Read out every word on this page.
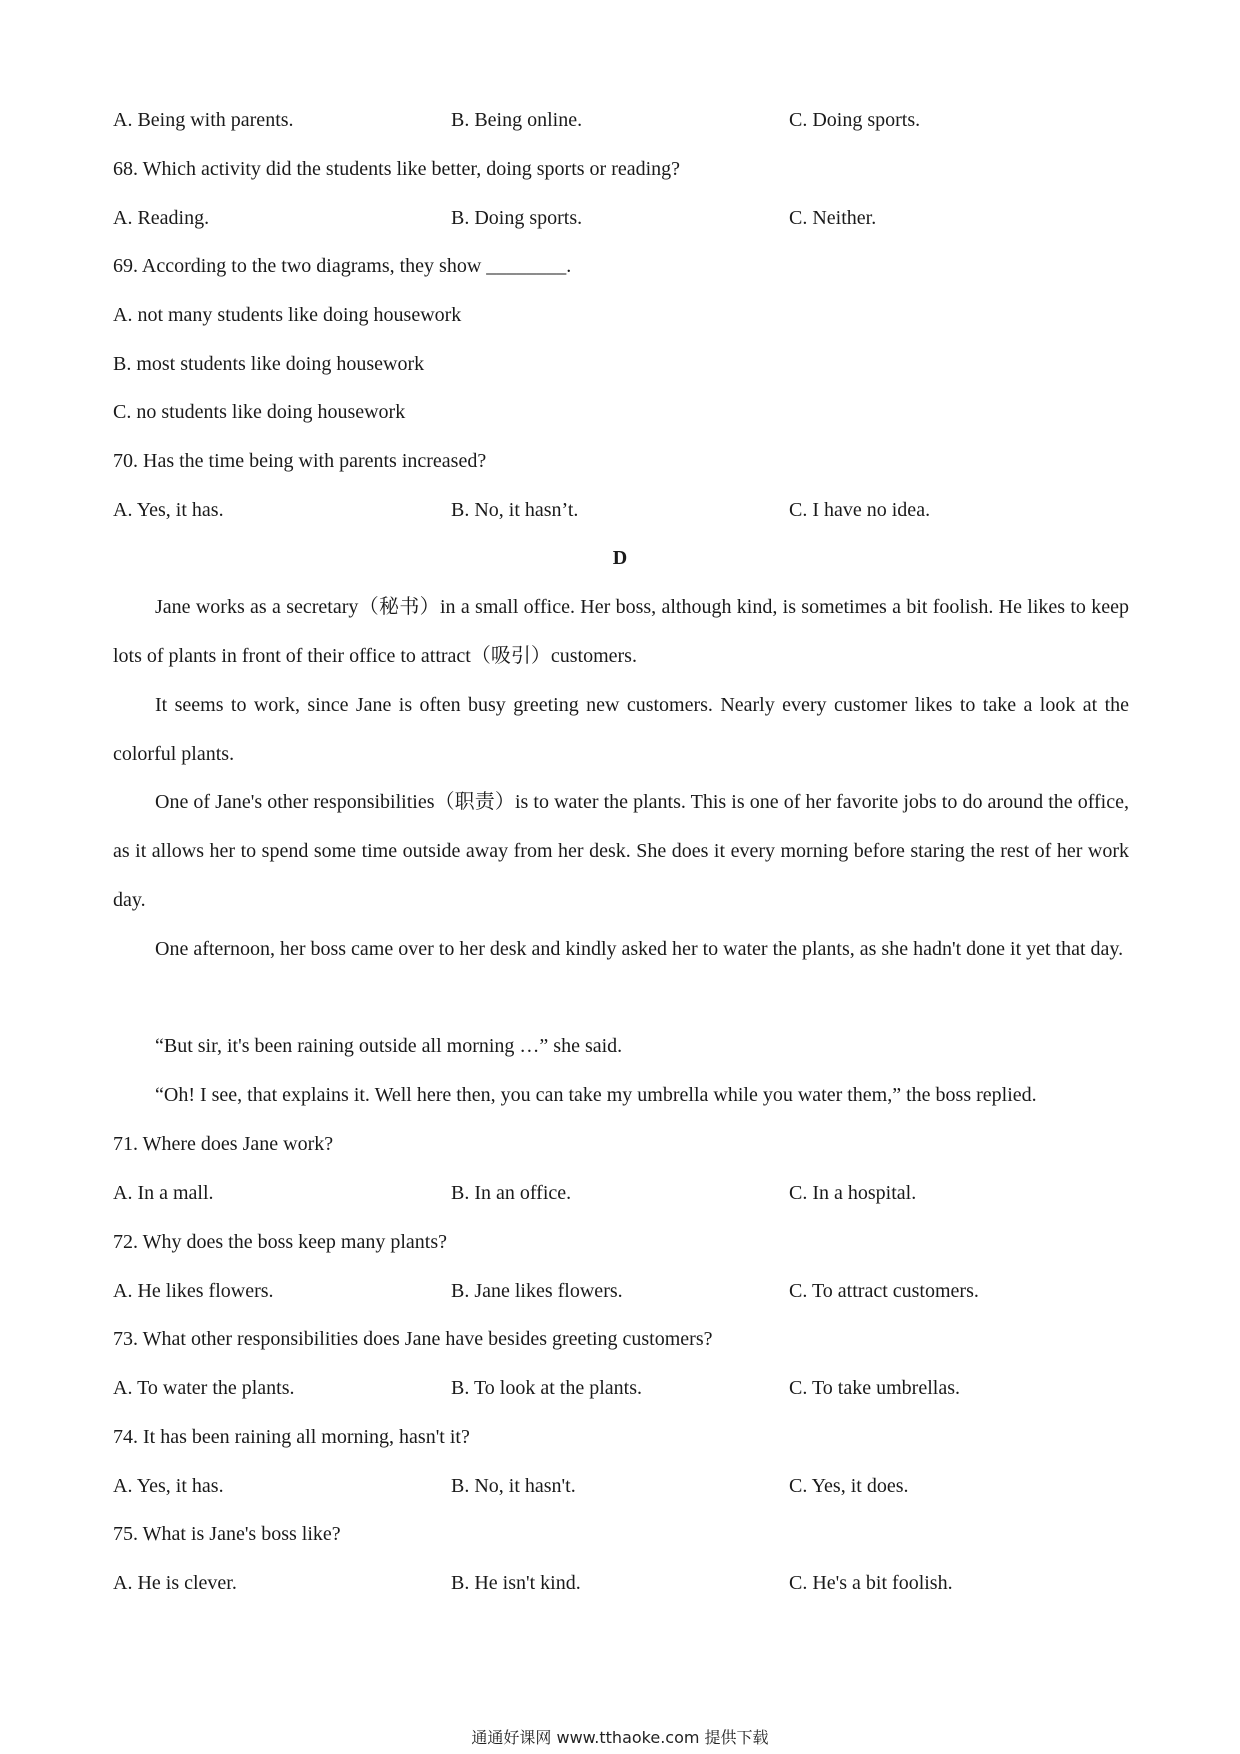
A. Being with parents.	B. Being online.	C. Doing sports.
68. Which activity did the students like better, doing sports or reading?
A. Reading.	B. Doing sports.	C. Neither.
69. According to the two diagrams, they show ________.
A. not many students like doing housework
B. most students like doing housework
C. no students like doing housework
70. Has the time being with parents increased?
A. Yes, it has.	B. No, it hasn’t.	C. I have no idea.
D
Jane works as a secretary（秘书）in a small office. Her boss, although kind, is sometimes a bit foolish. He likes to keep lots of plants in front of their office to attract（吸引）customers.
It seems to work, since Jane is often busy greeting new customers. Nearly every customer likes to take a look at the colorful plants.
One of Jane's other responsibilities（职责）is to water the plants. This is one of her favorite jobs to do around the office, as it allows her to spend some time outside away from her desk. She does it every morning before staring the rest of her work day.
One afternoon, her boss came over to her desk and kindly asked her to water the plants, as she hadn't done it yet that day.
“But sir, it's been raining outside all morning …” she said.
“Oh! I see, that explains it. Well here then, you can take my umbrella while you water them,” the boss replied.
71. Where does Jane work?
A. In a mall.	B. In an office.	C. In a hospital.
72. Why does the boss keep many plants?
A. He likes flowers.	B. Jane likes flowers.	C. To attract customers.
73. What other responsibilities does Jane have besides greeting customers?
A. To water the plants.	B. To look at the plants.	C. To take umbrellas.
74. It has been raining all morning, hasn't it?
A. Yes, it has.	B. No, it hasn't.	C. Yes, it does.
75. What is Jane's boss like?
A. He is clever.	B. He isn't kind.	C. He's a bit foolish.
通通好课网 www.tthaoke.com 提供下载
